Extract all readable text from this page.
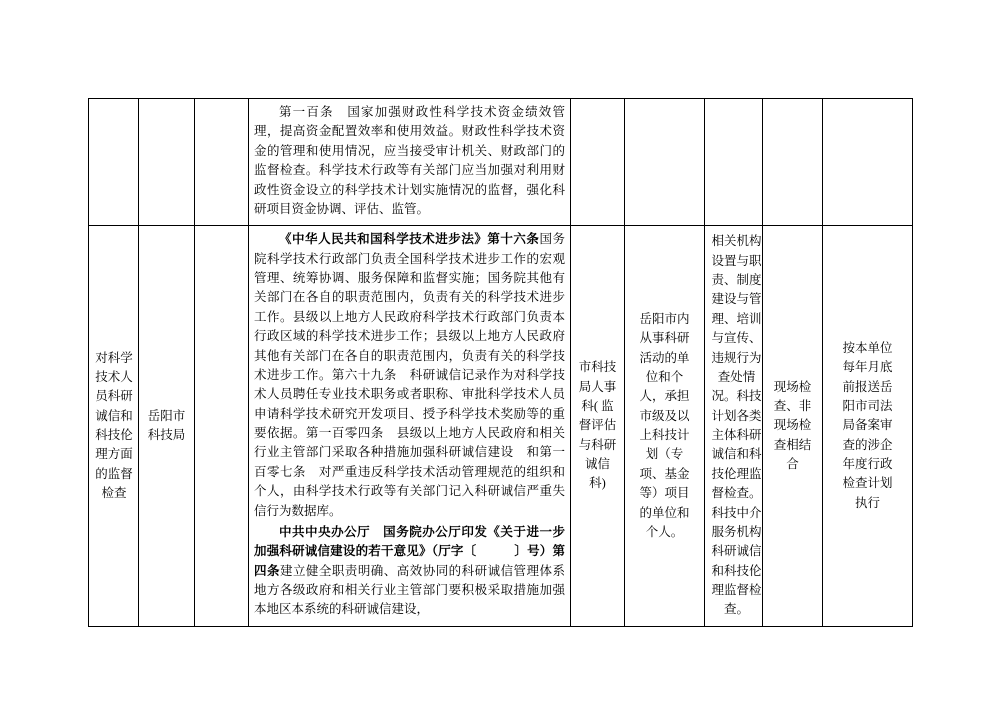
			第一百条　国家加强财政性科学技术资金绩效管理，提高资金配置效率和使用效益。财政性科学技术资金的管理和使用情况，应当接受审计机关、财政部门的监督检查。科学技术行政等有关部门应当加强对利用财政性资金设立的科学技术计划实施情况的监督，强化科研项目资金协调、评估、监管。					

对科学技术人员科研诚信和科技伦理方面的监督检查	岳阳市科技局		《中华人民共和国科学技术进步法》第十六条国务院科学技术行政部门负责全国科学技术进步工作的宏观管理、统筹协调、服务保障和监督实施；国务院其他有关部门在各自的职责范围内，负责有关的科学技术进步工作。县级以上地方人民政府科学技术行政部门负责本行政区域的科学技术进步工作；县级以上地方人民政府其他有关部门在各自的职责范围内，负责有关的科学技术进步工作。第六十九条　科研诚信记录作为对科学技术人员聘任专业技术职务或者职称、审批科学技术人员申请科学技术研究开发项目、授予科学技术奖励等的重要依据。第一百零四条　县级以上地方人民政府和相关行业主管部门采取各种措施加强科研诚信建设　和第一百零七条　对严重违反科学技术活动管理规范的组织和个人，由科学技术行政等有关部门记入科研诚信严重失信行为数据库。

中共中央办公厅　国务院办公厅印发《关于进一步加强科研诚信建设的若干意见》（厅字〔　　　〕号）第四条建立健全职责明确、高效协同的科研诚信管理体系　　地方各级政府和相关行业主管部门要积极采取措施加强本地区本系统的科研诚信建设，	市科技局人事科( 监督评估与科研诚信科)	岳阳市内从事科研活动的单位和个人，承担市级及以上科技计划（专项、基金等）项目的单位和个人。	相关机构设置与职责、制度建设与管理、培训与宣传、违规行为查处情况。科技计划各类主体科研诚信和科技伦理监督检查。科技中介服务机构科研诚信和科技伦理监督检查。	现场检查、非现场检查相结合	按本单位每年月底前报送岳阳市司法局备案审查的涉企年度行政检查计划执行
